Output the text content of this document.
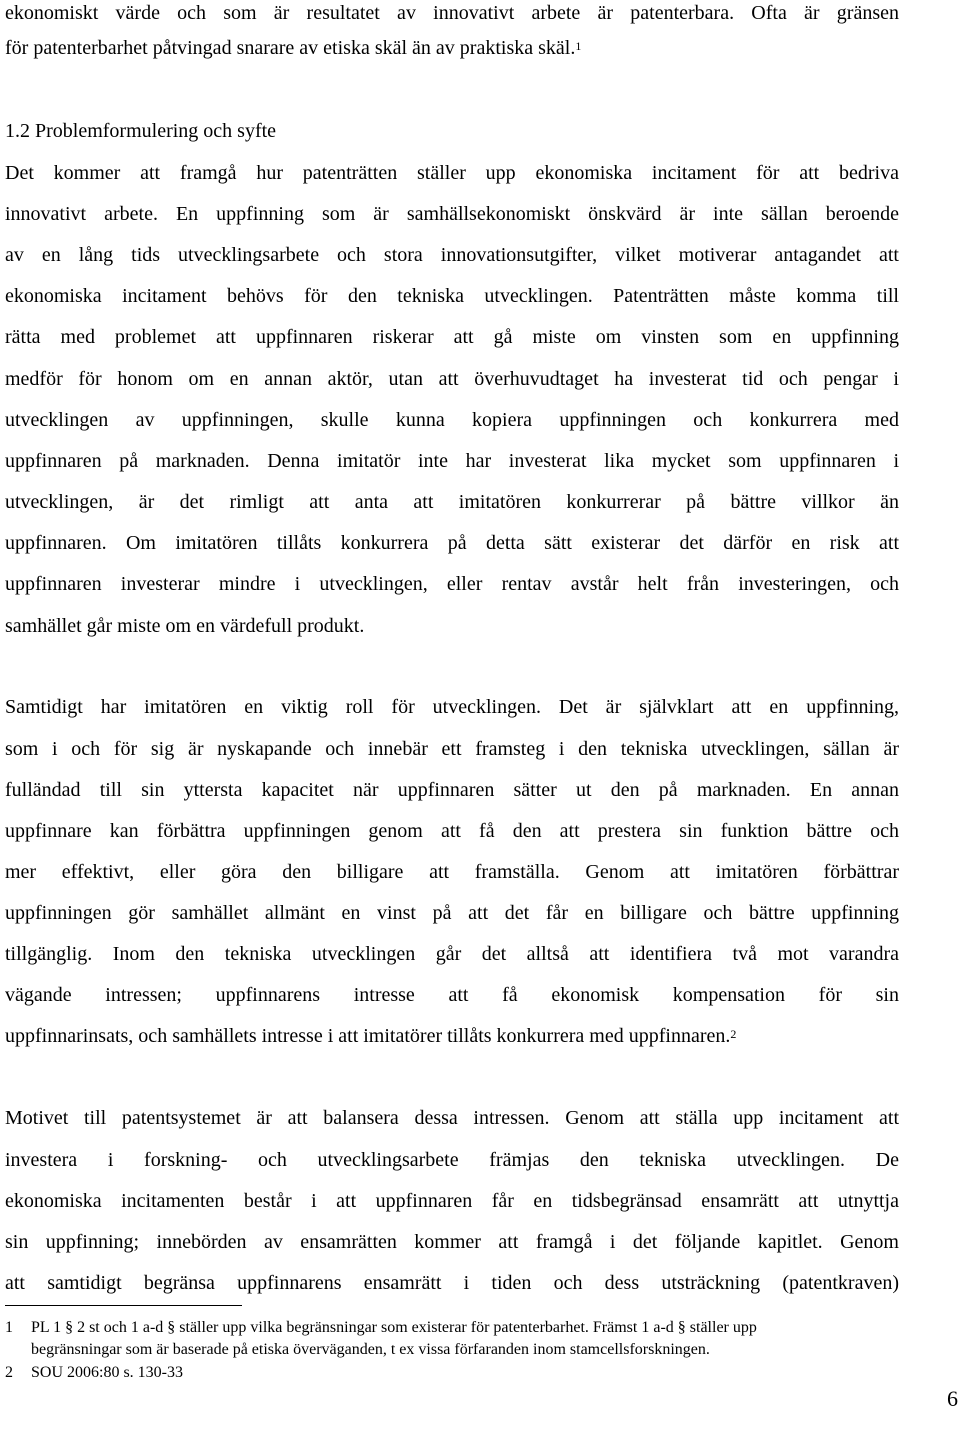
ekonomiskt värde och som är resultatet av innovativt arbete är patenterbara. Ofta är gränsen
för patenterbarhet påtvingad snarare av etiska skäl än av praktiska skäl.$^1$
1.2 Problemformulering och syfte
Det kommer att framgå hur patenträtten ställer upp ekonomiska incitament för att bedriva
innovativt arbete. En uppfinning som är samhällsekonomiskt önskvärd är inte sällan beroende
av en lång tids utvecklingsarbete och stora innovationsutgifter, vilket motiverar antagandet att
ekonomiska incitament behövs för den tekniska utvecklingen. Patenträtten måste komma till
rätta med problemet att uppfinnaren riskerar att gå miste om vinsten som en uppfinning
medför för honom om en annan aktör, utan att överhuvudtaget ha investerat tid och pengar i
utvecklingen av uppfinningen, skulle kunna kopiera uppfinningen och konkurrera med
uppfinnaren på marknaden. Denna imitatör inte har investerat lika mycket som uppfinnaren i
utvecklingen, är det rimligt att anta att imitatören konkurrerar på bättre villkor än
uppfinnaren. Om imitatören tillåts konkurrera på detta sätt existerar det därför en risk att
uppfinnaren investerar mindre i utvecklingen, eller rentav avstår helt från investeringen, och
samhället går miste om en värdefull produkt.
Samtidigt har imitatören en viktig roll för utvecklingen. Det är självklart att en uppfinning,
som i och för sig är nyskapande och innebär ett framsteg i den tekniska utvecklingen, sällan är
fulländad till sin yttersta kapacitet när uppfinnaren sätter ut den på marknaden. En annan
uppfinnare kan förbättra uppfinningen genom att få den att prestera sin funktion bättre och
mer effektivt, eller göra den billigare att framställa. Genom att imitatören förbättrar
uppfinningen gör samhället allmänt en vinst på att det får en billigare och bättre uppfinning
tillgänglig. Inom den tekniska utvecklingen går det alltså att identifiera två mot varandra
vägande intressen; uppfinnarens intresse att få ekonomisk kompensation för sin
uppfinnarinsats, och samhällets intresse i att imitatörer tillåts konkurrera med uppfinnaren.$^2$
Motivet till patentsystemet är att balansera dessa intressen. Genom att ställa upp incitament att
investera i forskning- och utvecklingsarbete främjas den tekniska utvecklingen. De
ekonomiska incitamenten består i att uppfinnaren får en tidsbegränsad ensamrätt att utnyttja
sin uppfinning; innebörden av ensamrätten kommer att framgå i det följande kapitlet. Genom
att samtidigt begränsa uppfinnarens ensamrätt i tiden och dess utsträckning (patentkraven)
1 PL 1 § 2 st och 1 a-d § ställer upp vilka begränsningar som existerar för patenterbarhet. Främst 1 a-d § ställer upp
begränsningar som är baserade på etiska överväganden, t ex vissa förfaranden inom stamcellsforskningen.
2 SOU 2006:80 s. 130-33
6
